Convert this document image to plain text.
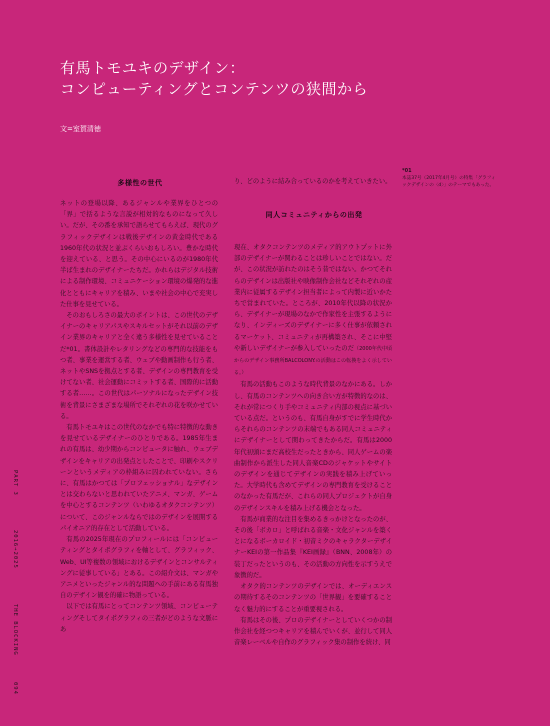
有馬トモユキのデザイン：
コンピューティングとコンテンツの狭間から
文=室賀清徳
多様性の世代

ネットの登場以降、あるジャンルや業界をひとつの「界」で括るような言説が相対的なものになって久しい。だが、その番を承知で語らせてもらえば、現代のグラフィックデザインは戦後デザインの黄金時代である1960年代の状況と並ぶくらいおもしろい。豊かな時代を迎えている、と思う。その中心にいるのが1980年代半ば生まれのデザイナーたちだ。かれらはデジタル技術による制作環境、コミュニケーション環境の爆発的な進化とともにキャリアを積み、いまや社会の中心で充実した仕事を見せている。

そのおもしろさの最大のポイントは、この世代のデザイナーのキャリアパスやスキルセットがそれ以前のデザイン業界のキャリアと全く違う多様性を見せていることだ*01。書体設計やレタリングなどの専門的な技能をもつ者、事業を運営する者、ウェブや動画制作も行う者、ネットやSNSを拠点とする者、デザインの専門教育を受けてない者、社会運動にコミットする者、国際的に活動する者……。この世代はパーソナルになったデザイン技術を背景にさまざまな場所でそれぞれの花を咲かせている。

有馬トモユキはこの世代のなかでも特に特徴的な動きを見せているデザイナーのひとりである。1985年生まれの有馬は、幼少期からコンピュータに触れ、ウェブデザインをキャリアの出発点としたことで、印刷やスクリーンというメディアの枠組みに囚われていない。さらに、有馬はかつては「プロフェッショナル」なデザインとは交わらないと思われていたアニメ、マンガ、ゲームを中心とするコンテンツ（いわゆるオタクコンテンツ）について、このジャンルならではのデザインを展開するパイオニア的存在として活動している。

有馬の2025年現在のプロフィールには「コンピューティングとタイポグラフィを軸として、グラフィック、Web、UI等複数の領域におけるデザインとコンサルティングに従事している」とある。この紹介文は、マンガやアニメといったジャンル的な問題への手前にある有馬独自のデザイン観を的確に物語っている。

以下では有馬にとってコンテンツ領域、コンピューティングそしてタイポグラフィの三者がどのような文脈にあ

り、どのように結み合っているのかを考えていきたい。
同人コミュニティからの出発

現在、オタクコンテンツのメディア的アウトプットに外部のデザイナーが関わることは珍しいことではない。だが、この状況が訪れたのはそう昔ではない。かつてそれらのデザインは出版社や映像制作会社などそれぞれの産業内に従属するデザイン担当者によって内製に近いかたちで営まれていた。ところが、2010年代以降の状況から、デザイナーが現場のなかで作家性を主張するようになり、インディーズのデザイナーに多く仕事が依頼されるマーケット、コミュニティが再構築され、そこに中堅や新しいデザイナーが参入していったのだ（2000年代中頃からのデザイン事務所BALCOLONY.の活動はこの転換をよく示している。）

有馬の活動もこのような時代背景のなかにある。しかし、有馬のコンテンツへの向き合い方が特徴的なのは、それが常につくり手やコミュニティ内部の視点に基づいている点だ。というのも、有馬自身がすでに学生時代からそれらのコンテンツの末端でもある同人コミュニティにデザイナーとして関わってきたからだ。有馬は2000年代初頭にまだ高校生だったときから、同人ゲームの楽曲制作から派生した同人音楽CDのジャケットやサイトのデザインを通じてデザインの実践を積み上げていった。大学時代も含めてデザインの専門教育を受けることのなかった有馬だが、これらの同人プロジェクトが自身のデザインスキルを積み上げる機会となった。

有馬が商業的な注目を集めるきっかけとなったのが、その後「ボカロ」と呼ばれる音楽・文化ジャンルを築くとになるボーカロイド・初音ミクのキャラクターデザイナーKEIの第一作品集『KEI画録』（BNN、2008年）の装丁だったというのも、その活動の方向性を示すうえで象徴的だ。

オタク的コンテンツのデザインでは、オーディエンスの期待するそのコンテンツの「世界観」を要確することなく魅力的にすることが重要視される。

有馬はその後、プロのデザイナーとしていくつかの制作会社を経つつキャリアを積んでいくが、並行して同人音楽レーベルや自作のグラフィック集の制作を続け、同

*01
本誌37号（2017年4月号）の特集「グラフィックデザインの〈d〉」のテーマでもあった。
PART 3
2016→2025
THE BLOCKING
094
